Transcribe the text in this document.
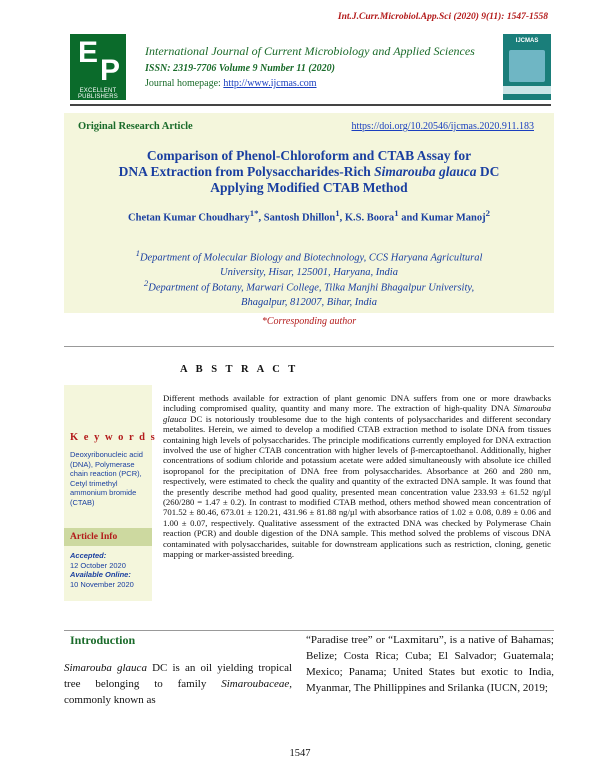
Int.J.Curr.Microbiol.App.Sci (2020) 9(11): 1547-1558
E
P
EXCELLENT PUBLISHERS
International Journal of Current Microbiology and Applied Sciences
ISSN: 2319-7706 Volume 9 Number 11 (2020)
Journal homepage: http://www.ijcmas.com
IJCMAS
Original Research Article	https://doi.org/10.20546/ijcmas.2020.911.183
Comparison of Phenol-Chloroform and CTAB Assay for
DNA Extraction from Polysaccharides-Rich Simarouba glauca DC
Applying Modified CTAB Method
Chetan Kumar Choudhary$^{1*}$, Santosh Dhillon$^1$, K.S. Boora$^1$ and Kumar Manoj$^2$
$^1$Department of Molecular Biology and Biotechnology, CCS Haryana Agricultural University, Hisar, 125001, Haryana, India
$^2$Department of Botany, Marwari College, Tilka Manjhi Bhagalpur University, Bhagalpur, 812007, Bihar, India
*Corresponding author
A B S T R A C T
K e y w o r d s
Deoxyribonucleic acid (DNA), Polymerase chain reaction (PCR), Cetyl trimethyl ammonium bromide (CTAB)
Article Info
Accepted:
12 October 2020
Available Online:
10 November 2020
Different methods available for extraction of plant genomic DNA suffers from one or more drawbacks including compromised quality, quantity and many more. The extraction of high-quality DNA Simarouba glauca DC is notoriously troublesome due to the high contents of polysaccharides and different secondary metabolites. Herein, we aimed to develop a modified CTAB extraction method to isolate DNA from tissues containing high levels of polysaccharides. The principle modifications currently employed for DNA extraction involved the use of higher CTAB concentration with higher levels of β-mercaptoethanol. Additionally, higher concentrations of sodium chloride and potassium acetate were added simultaneously with absolute ice chilled isopropanol for the precipitation of DNA free from polysaccharides. Absorbance at 260 and 280 nm, respectively, were estimated to check the quality and quantity of the extracted DNA sample. It was found that the presently describe method had good quality, presented mean concentration value 233.93 ± 61.52 ng/µl (260/280 = 1.47 ± 0.2). In contrast to modified CTAB method, others method showed mean concentration of 701.52 ± 80.46, 673.01 ± 120.21, 431.96 ± 81.88 ng/µl with absorbance ratios of 1.02 ± 0.08, 0.89 ± 0.06 and 1.00 ± 0.07, respectively. Qualitative assessment of the extracted DNA was checked by Polymerase Chain reaction (PCR) and double digestion of the DNA sample. This method solved the problems of viscous DNA contaminated with polysaccharides, suitable for downstream applications such as restriction, cloning, genetic mapping or marker-assisted breeding.
Introduction
Simarouba glauca DC is an oil yielding tropical tree belonging to family Simaroubaceae, commonly known as
“Paradise tree” or “Laxmitaru”, is a native of Bahamas; Belize; Costa Rica; Cuba; El Salvador; Guatemala; Mexico; Panama; United States but exotic to India, Myanmar, The Phillippines and Srilanka (IUCN, 2019;
1547
